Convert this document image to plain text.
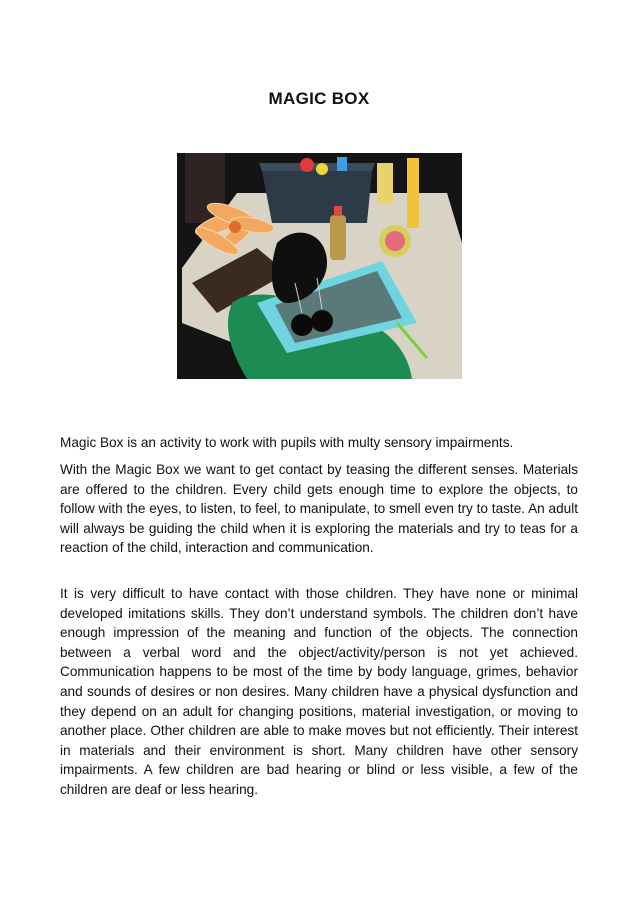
MAGIC BOX
Magic Box is an activity to work with pupils with multy sensory impairments.
With the Magic Box we want to get contact by teasing the different senses. Materials are offered to the children. Every child gets enough time to explore the objects, to follow with the eyes, to listen, to feel, to manipulate, to smell even try to taste. An adult will always be guiding the child when it is exploring the materials and try to teas for a reaction of the child, interaction and communication.
It is very difficult to have contact with those children. They have none or minimal developed imitations skills. They don’t understand symbols. The children don’t have enough impression of the meaning and function of the objects. The connection between a verbal word and the object/activity/person is not yet achieved. Communication happens to be most of the time by body language, grimes, behavior and sounds of desires or non desires. Many children have a physical dysfunction and they depend on an adult for changing positions, material investigation, or moving to another place. Other children are able to make moves but not efficiently. Their interest in materials and their environment is short. Many children have other sensory impairments. A few children are bad hearing or blind or less visible, a few of the children are deaf or less hearing.
